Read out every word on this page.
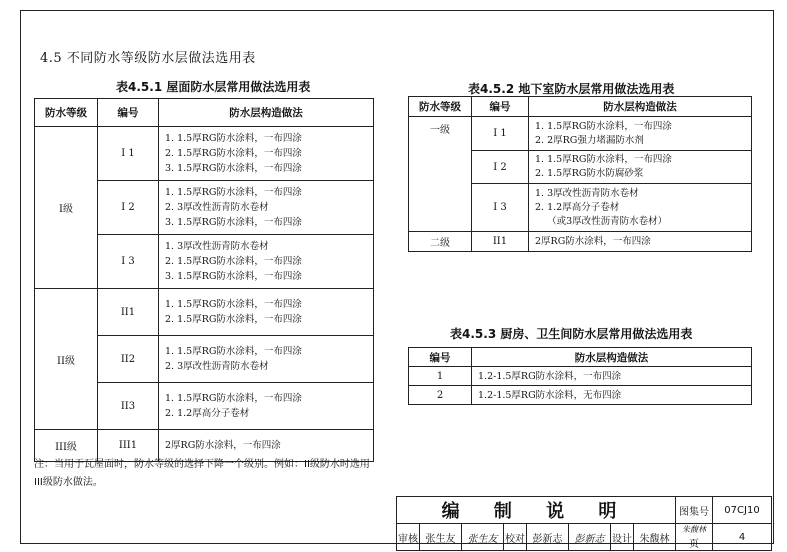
4.5 不同防水等级防水层做法选用表
表4.5.1 屋面防水层常用做法选用表
防水等级	编号	防水层构造做法
I级	I 1	1. 1.5厚RG防水涂料，一布四涂
2. 1.5厚RG防水涂料，一布四涂
3. 1.5厚RG防水涂料，一布四涂

	I 2	1. 1.5厚RG防水涂料，一布四涂
2. 3厚改性沥青防水卷材
3. 1.5厚RG防水涂料，一布四涂

	I 3	1. 3厚改性沥青防水卷材
2. 1.5厚RG防水涂料，一布四涂
3. 1.5厚RG防水涂料，一布四涂

II级	II1	1. 1.5厚RG防水涂料，一布四涂
2. 1.5厚RG防水涂料，一布四涂

	II2	1. 1.5厚RG防水涂料，一布四涂
2. 3厚改性沥青防水卷材

	II3	1. 1.5厚RG防水涂料，一布四涂
2. 1.2厚高分子卷材

III级	III1	2厚RG防水涂料，一布四涂
注：当用于瓦屋面时，防水等级的选择下降一个级别。例如：II级防水时选用III级防水做法。
表4.5.2 地下室防水层常用做法选用表
防水等级	编号	防水层构造做法
一级	I 1	1. 1.5厚RG防水涂料，一布四涂
2. 2厚RG强力堵漏防水剂

	I 2	1. 1.5厚RG防水涂料，一布四涂
2. 1.5厚RG防水防腐砂浆

	I 3	1. 3厚改性沥青防水卷材
2. 1.2厚高分子卷材
（或3厚改性沥青防水卷材）

二级	II1	2厚RG防水涂料，一布四涂
表4.5.3 厨房、卫生间防水层常用做法选用表
编号	防水层构造做法
1	1.2-1.5厚RG防水涂料，一布四涂
2	1.2-1.5厚RG防水涂料，无布四涂
编 制 说 明								图集号	07CJ10
审核	张生友	张生友	校对	彭新志	彭新志	设计	朱馥林	朱馥林 页	4
